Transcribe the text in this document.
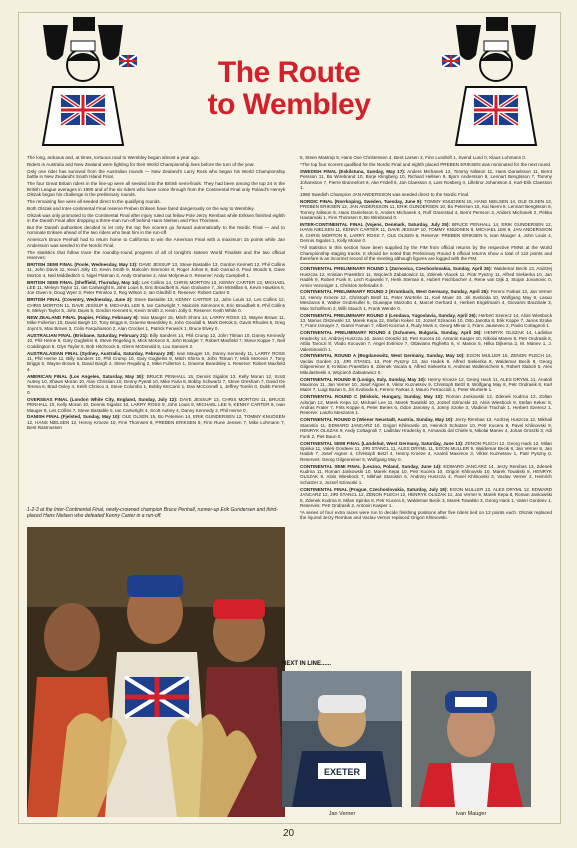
The Route
to Wembley

The long, arduous and, at times, tortuous road to Wembley began almost a year ago.

Riders in Australia and New Zealand were fighting for their World Championship lives before the turn of the year.

Only one rider has survived from the Australian rounds — New Zealand's Larry Ross who began his World Championship battle in New Zealand's South Island Final.

The four Great Britain riders in the line-up were all seeded into the British semi-finals. They had been among the top 24 in the British League averages in 1980 and of the six riders who have come through from the Continental Final only Poland's Henryk Olszak began his challenge in the preliminary rounds.

The remaining five were all seeded direct to the qualifying rounds.

Both Olszak and Inter-continental Final reserve Preben Eriksen have fared dangerously on the way to Wembley.

Olszak was only promoted to the Continental Final after injury ruled out fellow Pole Jerzy Rembas while Eriksen finished eighth in the Danish Final after dropping a three-man run-off behind Hans Nielsen and Finn Thomsen.

But the Danish authorities decided to let only the top five scorers go forward automatically to the Nordic Final — and to nominate Eriksen ahead of the two riders who beat him in the run-off.

America's Bruce Penhall had to return home to California to win the American Final with a maximum 15 points while Jan Andersson was seeded to the Nordic Final.

The statistics that follow trace the roundby-round progress of all of tonight's sixteen World Finalists and the two official reserves:

BRITISH SEMI FINAL (Poole, Wednesday, May 13): DAVE JESSUP 13, Steve Bastable 13, Gordon Kennett 12, Phil Collins 11, John Davis 11, Kevin Jolly 10, Kevin Smith 9, Malcolm Simmons 8, Roger Johns 8, Bob Garrad 6, Paul Woods 5, Dave Morton 4, Neil Middleditch 4, Nigel Flatman 3, Andy Grahame 2, Alan Molyneux 0. Reserve: Andy Campbell 1.

BRITISH SEMI FINAL (Sheffield, Thursday, May 14): Les Collins 14, CHRIS MORTON 13, KENNY CARTER 13, MICHAEL LEE 11, Melvyn Taylor 11, Ian Cartwright 8, John Louis 8, Eric Broadbelt 8, Alan Grahame 7, Jim McMillan 6, Kevin Hawkins 6, Joe Owen 5, Doug Wyer 3, Peter Prinsloo 2, Reg Wilson 2, Ian Gledhill 0. Reserve: Robert Carter 0.

BRITISH FINAL (Coventry, Wednesday, June 3): Steve Bastable 13, KENNY CARTER 12, John Louis 12, Les Collins 12, CHRIS MORTON 11, DAVE JESSUP 9, MICHAEL LEE 9, Ian Cartwright 7, Malcolm Simmons 6, Eric Broadbelt 6, Phil Collins 6, Melvyn Taylor 5, John Davis 5, Gordon Kennett 5, Kevin Smith 2, Kevin Jolly 0. Reserve: Keith White 0.

NEW ZEALAND FINAL (Napier, Friday, February 6): Ivan Mauger 15, Mitch Shirra 14, LARRY ROSS 13, Wayne Brown 11, Mike Fullerton 10, David Bargh 10, Tony Briggs 8, Graeme Beardsley 6, John Goodall 6, Mark DeKok 5, Gavin Rhodes 5, Greg Joynt 5, Max Brown 3, Colin Farquharson 2, Alan Crocker 1, Patrick Fenwick 1, Bruce Elvey 0.

AUSTRALIAN FINAL (Brisbane, Saturday, February 21): Billy Sanders 14, Phil Crump 12, John Titman 10, Danny Kennedy 10, Phil Herne 9, Gary Guglielmi 8, Steve Regeling 8, Mick McKeon 8, John Boulger 7, Robert Maxfield 7, Steve Koppe 7, Neil Coddington 6, Glyn Taylor 5, Bob Hitchcock 5, Glenn McDonald 5, Lou Sansom 2.

AUSTRALASIAN FINAL (Sydney, Australia, Saturday, February 28): Ivan Mauger 15, Danny Kennedy 11, LARRY ROSS 11, Phil Herne 11, Billy Sanders 10, Phil Crump 10, Gary Guglielmi 8, Mitch Shirra 8, John Titman 7, Mick McKeon 7, Tony Briggs 6, Wayne Brown 5, David Bargh 2, Steve Regeling 2, Mike Fullerton 1, Graeme Beardsley 1. Reserve: Robert Maxfield 4.

AMERICAN FINAL (Los Angeles, Saturday, May 30): BRUCE PENHALL 15, Dennis Sigalos 13, Kelly Moran 12, Scott Autrey 10, Shawn Moran 10, Alan Christian 10, Denny Pyeatt 10, Mike Faria 8, Bobby Schwartz 7, Steve Gresham 7, David De Teresa 6, Brad Oxley 4, Keith Chrisco 4, Steve Columbo 1, Bobby McCann 1, Dan McConnell 1, Jeffrey Tomlin 0, Dubb Ferrell 0.

OVERSEAS FINAL (London White City, England, Sunday, July 12): DAVE JESSUP 13, CHRIS MORTON 11, BRUCE PENHALL 10, Kelly Moran 10, Dennis Sigalos 10, LARRY ROSS 9, John Louis 9, MICHAEL LEE 9, KENNY CARTER 8, Ivan Mauger 8, Les Collins 7, Steve Bastable 5, Ian Cartwright 4, Scott Autrey 4, Danny Kennedy 2, Phil Herne 0.

DANISH FINAL (Fjelsted, Sunday, May 10): OLE OLSEN 15, Bo Petersen 14, ERIK GUNDERSEN 12, TOMMY KNUDSEN 12, HANS NIELSEN 12, Henny Kroeze 10, Finn Thomsen 8, PREBEN ERIKSEN 8, Finn Rune Jensen 7, Mike Lohmann 7, Bent Rasmussen

5, Steen Mastrup 5, Hans Ove Christensen 4, Bent Larsen 3, Finn Lundtoft 1, Svend Lund 0, Klaus Lohmann 0.

*The top four scorers qualified for the Nordic Final and eighth placed PREBEN ERIKSEN was nominated for the next round.

SWEDISH FINAL (Eskilstuna, Sunday, May 17): Anders Michanek 12, Tommy Nilsson 11, Hans Danielsson 11, Bernt Persson 11, Bo Wirebrand 10, Borje Klingberg 10, Richard Hellsen 9, Bjorn Andersson 8, Lennart Bengtsson 7, Tommy Johansson 7, Pierre Brannefors 6, Ake Fridell 6, Jan Claesson 4, Lars Rosberg 4, Lillebror Johansson 3, Karl-Erik Claesson 1.

1980 Swedish Champion JAN ANDERSSON was seeded direct to the Nordic Final.

NORDIC FINAL (Norrkoping, Sweden, Tuesday, June 9): TOMMY KNUDSEN 15, HANS NIELSEN 14, OLE OLSEN 13, PREBEN ERIKSEN 12, JAN ANDERSSON 11, ERIK GUNDERSEN 10, Bo Petersen 10, Kai Niemi 8, Lennart Bengtsson 5, Tommy Nilsson 5, Hans Danielsson 5, Anders Michanek 4, Rolf Gramstad 4, Bernt Persson 3, Anders Michanek 2, Pekka Hautamaki 1, Finn Thomsen 0, Bo Wirebrand 0.

INTER-CONTINENTAL FINAL (Vojens, Denmark, Saturday, July 25): BRUCE PENHALL 14, ERIK GUNDERSEN 12, HANS NIELSEN 11, KENNY CARTER 11, DAVE JESSUP 10, TOMMY KNUDSEN 9, MICHAEL LEE 9, JAN ANDERSSON 8, CHRIS MORTON 8, LARRY ROSS 7, OLE OLSEN 6, Reserve: PREBEN ERIKSEN 5, Ivan Mauger 4, John Louis 4, Dennis Sigalos 1, Kelly Moran 0.

*All statistics in this section have been supplied by the FIM from official returns by the respective FMNs at the World Championship staging tracks. It should be noted that Preliminary Round 5 official returns show a total of 122 points and therefore is an incorrect record of the meeting although figures are logged with the FIM.

CONTINENTAL PRELIMINARY ROUND 1 (Zarnovica, Czechoslovakia, Sunday, April 26): Waldemar Becik 13, Andrzej Huszcza 12, Kristian Praestbro 11, Wojciech Zabialowicz 11, Zdenek Vlacek 11, Piotr Pyszny 11, Alfred Siekierka 10, Jan Hadek 9, Robert Funk 8, Lech Kujawski 7, Henk Steman 6, Hubert Fischbacher 4, Rene van Dijk 3, Stojan Jovanovic 0, Armin Vezoniger 1, Christos Seferiadis 0.

CONTINENTAL PRELIMINARY ROUND 2 (Krumbach, West Germany, Sunday, April 26): Ferenc Farkas 13, Jan Verner 12, Henny Kroeze 12, Christoph Betzl 11, Peter Wurterle 11, Karl Maier 10, Jiri Svoboda 10, Wolfgang May 8, Lasuo Meszaros 8, Walter Grubmuller 5, Giuseppe Marzotto 4, Marcel Gerhard 4, Herbert Engelmann 4, Giovanni Brazziale 3, Max Schollhorn 3, Willi Stauch 1, Frank Wende 0.

CONTINENTAL PRELIMINARY ROUND 3 (Lendava, Yugoslavia, Sunday, April 26): Herbert Szerecz 14, Alois Wiesbock 13, Marius Olszewski 13, Marek Kepa 12, Stefan Kekec 10, Jozsef Sziracski 10, Otto Janotta 8, Erik Koppe 7, Janos Szoke 7, Franz Ismayer 7, Gianni Famari 7, Albert Kocmut 4, Rudy Muts 4, Georg Mlinar 3, Franc Jausevec 2, Paolo Cottagnoli 1.

CONTINENTAL PRELIMINARY ROUND 4 (Schumen, Bulgaria, Sunday, April 26): HENRYK OLSZAK 14, Ladislav Hradecky 14, Andrzej Huszcza 10, Jansc Oroszki 10, Petr Kucera 10, Antonin Kasper 10, Nikolai Manev 8, Petr Ondrasik 8, Attila Taroczi 8, Vlado Kocuvan 7, Angel Evtimov 7, Ottaviano Righetto 6, V. Manov 5, Hilka Dijkema 2, M. Manev 1, J. Valentinovich 1.

CONTINENTAL ROUND A (Bogdanowitz, West Germany, Sunday, May 10): EGON MULLER 15, ZENON PLECH 14, Vaclav Gorden 13, JIRI STANCL 13, Petr Pyszny 13, Jan Hadek 9, Alfred Siekierka 8, Waldemar Becik 9, Georg Gilgenreiner 8, Kristian Praestbro 8, Zdenek Vacula 6, Alfred Siekierka 6, Andreas Wallenschein 5, Robert Slaboh 5, Alex Mikulasheski 4, Wojciech Zabialowicz 0.

CONTINENTAL ROUND B (Lonigo, Italy, Sunday, May 10): Henny Kroeze 12, Georg Hack 11, ALES DRYML 11, Anatoli Maximov 11, Jan Verner 10, Josef Aigner 9, Viktor Kuznetsov 9, Christoph Betzl 8, Wolfgang May 8, Petr Ondrasik 8, Karl Maier 7, Luigi Bazan 5, Jiri Svoboda 5, Ferenc Farkas 2, Mauro Ferraccioli 1, Peter Wurterle 1.

CONTINENTAL ROUND C (Miskolc, Hungary, Sunday, May 10): Roman Jankowski 12, Zdenek Kudrna 12, Zoltan Adorjan 12, Marek Kepa 12, Michael Lee 11, Marek Towalski 10, Jozsef Sziracski 10, Alois Wiesbock 9, Stefan Kekec 8, Andras Frater 7, Frits Koppe 6, Peter Benes 6, Odon Janossy 4, Jonny Szoke 3, Vladimir Trachuk 1, Herbert Szerecz 1. Reserve: Laszlo Meszaros 1.

CONTINENTAL ROUND D (Wiener Neustadt, Austria, Sunday, May 10): Jerzy Rembas 13, Andrzej Huszcza 12, Mikhail Starostin 11, EDWARD JANCARZ 10, Grigori Khlinovski 10, Heinrich Schatzer 10, Petr Kucera 9, Pavel Khlinovski 9, HENRYK OLSZAK 9, Andy Cottagnoli 7, Ladislav Hradecky 6, Armando dal Chiele 5, Nikolai Manev 4, Jonas Oroszki 3, Adi Funk 2, Piet Baun 0.

CONTINENTAL SEMI FINAL (Landshut, West Germany, Saturday, June 13): ZENON PLECH 12, Georg Hack 12, Milan Spinka 11, Valeri Gordeev 11, JIRI STANCL 11, ALES DRYML 11, EGON MULLER 9, Waldemar Becik 8, Jan Verner 8, Jan Hadek 7, Josef Aigner 4, Christoph Betzl 4, Henny Kroeze 4, Anatoli Maximov 3, Viktor Kuznetsov 1, Piotr Pyszny 0. Reserves: Georg Gilgenreiner 5, Wolfgang May 0.

CONTINENTAL SEMI FINAL (Leszno, Poland, Sunday, June 14): EDWARD JANCARZ 14, Jerzy Rembas 13, Zdenek Kudrna 11, Roman Jankowski 10, Marek Kepa 10, Petr Kucera 10, Grigori Khlinovski 10, Marek Towalski 9, HENRYK OLSZAK 8, Alois Wiesbock 7, Mikhail Starostin 6, Andrzej Huszcza 4, Pavel Khlinovski 3, Vaclav Verner 2, Heinrich Schatzer 2, Jozsef Sziracski 1.

CONTINENTAL FINAL (Prague, Czechoslovakia, Saturday, July 18): EGON MULLER 12, ALES DRYML 12, EDWARD JANCARZ 12, JIRI STANCL 12, ZENON PLECH 12, HENRYK OLSZAK 11, Jan Verner 9, Marek Kepa 8, Roman Jankowski 8, Zdenek Kudrna 8, Milan Spinka 8, Petr Kucera 5, Waldemar Becik 3, Marek Towalski 3, Georg Hack 1, Valeri Gordeev 1. Reserves: Petr Ondrasik 2, Antonin Kasper 1.

*A series of four extra races were run to decide finishing positions after five riders tied on 12 points each. Olszak replaced the injured Jerzy Rembas and Vaclav Verner replaced Grigori Khlinovski.

1-2-3 at the Inter-Continental Final, newly-crowned champion Bruce Penhall, runner-up Erik Gundersen and third-placed Hans Nielsen who defeated Kenny Carter in a run-off.
NEXT IN LINE......
EXETER
Jan Verner	Ivan Mauger
20
